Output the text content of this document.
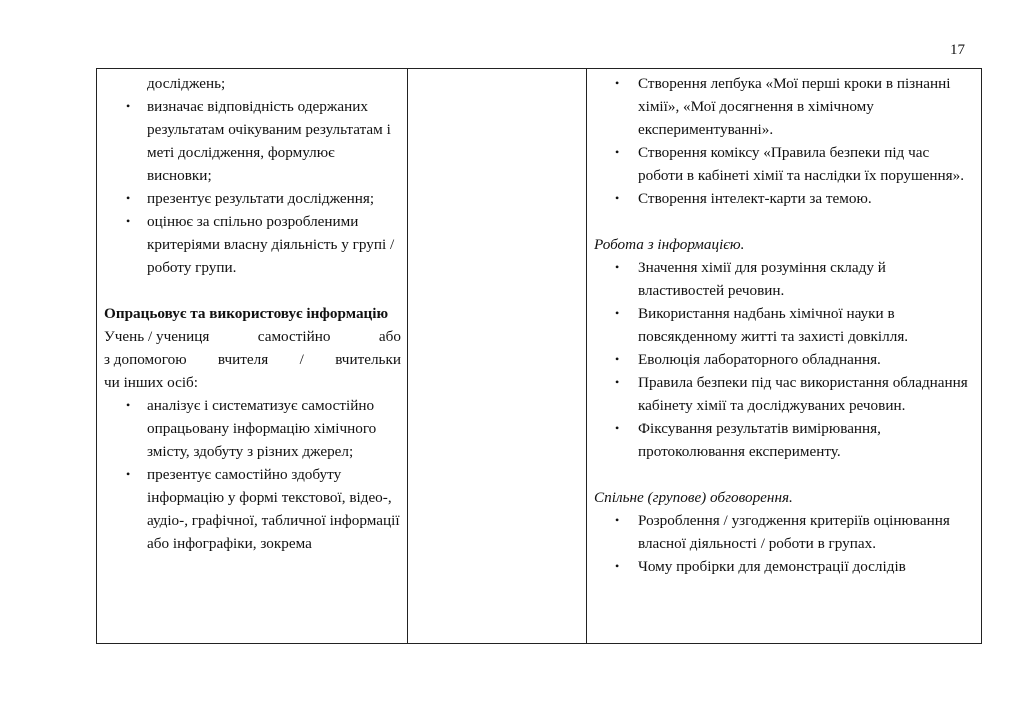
17
досліджень;
• визначає відповідність одержаних результатам очікуваним результатам і меті дослідження, формулює висновки;
• презентує результати дослідження;
• оцінює за спільно розробленими критеріями власну діяльність у групі / роботу групи.
Опрацьовує та використовує інформацію
Учень / учениця	самостійно	або
з допомогою вчителя / вчительки
чи інших осіб:
• аналізує і систематизує самостійно опрацьовану інформацію хімічного змісту, здобуту з різних джерел;
• презентує самостійно здобуту інформацію у формі текстової, відео-, аудіо-, графічної, табличної інформації або інфографіки, зокрема

• Створення лепбука «Мої перші кроки в пізнанні хімії», «Мої досягнення в хімічному експериментуванні».
• Створення коміксу «Правила безпеки під час роботи в кабінеті хімії та наслідки їх порушення».
• Створення інтелект-карти за темою.
Робота з інформацією.
• Значення хімії для розуміння складу й властивостей речовин.
• Використання надбань хімічної науки в повсякденному житті та захисті довкілля.
• Еволюція лабораторного обладнання.
• Правила безпеки під час використання обладнання кабінету хімії та досліджуваних речовин.
• Фіксування результатів вимірювання, протоколювання експерименту.
Спільне (групове) обговорення.
• Розроблення / узгодження критеріїв оцінювання власної діяльності / роботи в групах.
• Чому пробірки для демонстрації дослідів
